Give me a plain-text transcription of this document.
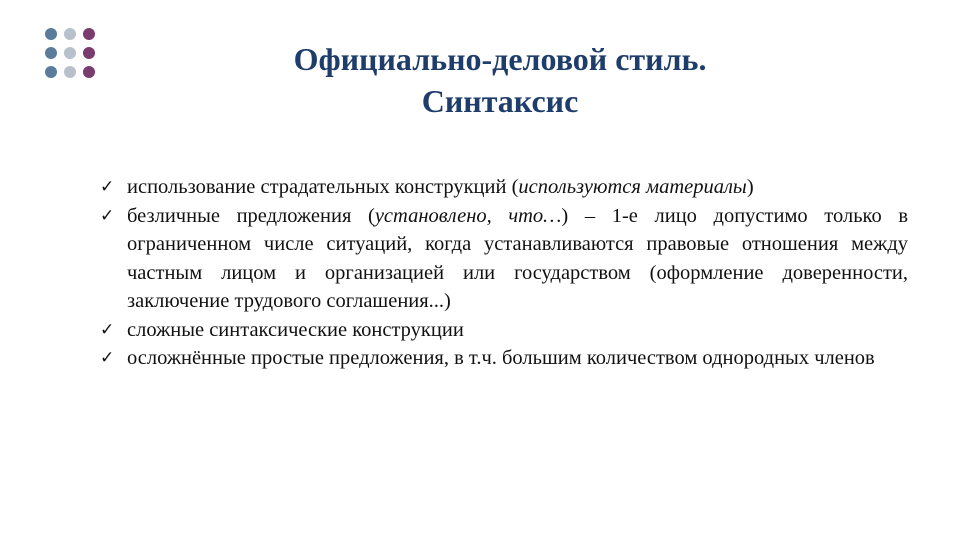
Официально-деловой стиль.
Синтаксис
✓ использование страдательных конструкций (используются материалы)
✓ безличные предложения (установлено, что…) – 1-е лицо допустимо только в ограниченном числе ситуаций, когда устанавливаются правовые отношения между частным лицом и организацией или государством (оформление доверенности, заключение трудового соглашения...)
✓ сложные синтаксические конструкции
✓ осложнённые простые предложения, в т.ч. большим количеством однородных членов
